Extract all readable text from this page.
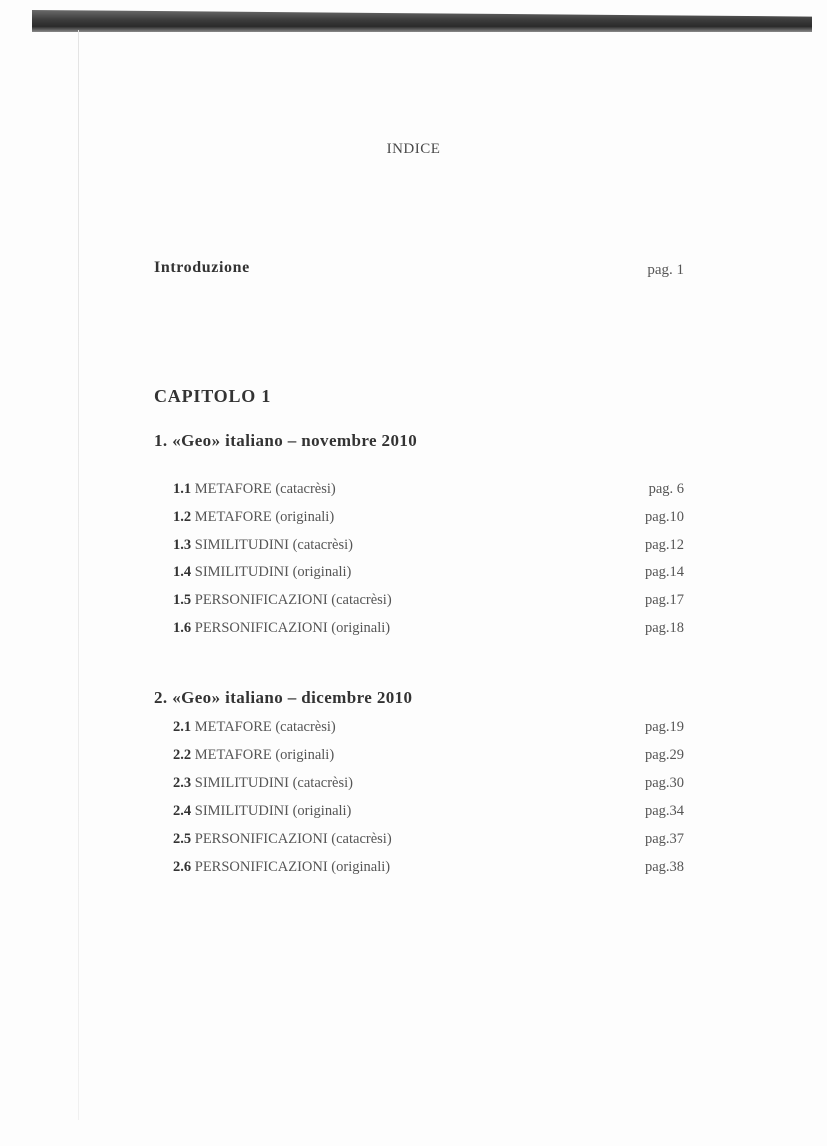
INDICE
Introduzione	pag. 1
CAPITOLO 1
1. «Geo» italiano – novembre 2010
1.1 METAFORE (catacrèsi)	pag. 6
1.2 METAFORE (originali)	pag.10
1.3 SIMILITUDINI (catacrèsi)	pag.12
1.4 SIMILITUDINI (originali)	pag.14
1.5 PERSONIFICAZIONI (catacrèsi)	pag.17
1.6 PERSONIFICAZIONI (originali)	pag.18
2. «Geo» italiano – dicembre 2010
2.1 METAFORE (catacrèsi)	pag.19
2.2 METAFORE (originali)	pag.29
2.3 SIMILITUDINI (catacrèsi)	pag.30
2.4 SIMILITUDINI (originali)	pag.34
2.5 PERSONIFICAZIONI (catacrèsi)	pag.37
2.6 PERSONIFICAZIONI (originali)	pag.38
